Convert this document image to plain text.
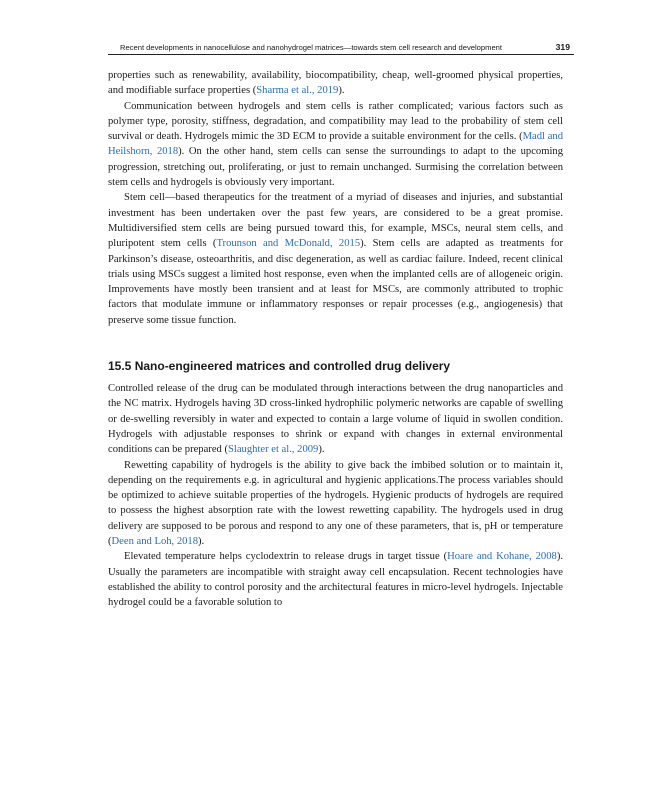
Recent developments in nanocellulose and nanohydrogel matrices—towards stem cell research and development	319

properties such as renewability, availability, biocompatibility, cheap, well-groomed physical properties, and modifiable surface properties (Sharma et al., 2019).

Communication between hydrogels and stem cells is rather complicated; various factors such as polymer type, porosity, stiffness, degradation, and compatibility may lead to the probability of stem cell survival or death. Hydrogels mimic the 3D ECM to provide a suitable environment for the cells. (Madl and Heilshorn, 2018). On the other hand, stem cells can sense the surroundings to adapt to the upcoming progression, stretching out, proliferating, or just to remain unchanged. Surmising the correlation between stem cells and hydrogels is obviously very important.

Stem cell—based therapeutics for the treatment of a myriad of diseases and injuries, and substantial investment has been undertaken over the past few years, are considered to be a great promise. Multidiversified stem cells are being pursued toward this, for example, MSCs, neural stem cells, and pluripotent stem cells (Trounson and McDonald, 2015). Stem cells are adapted as treatments for Parkinson’s disease, osteoarthritis, and disc degeneration, as well as cardiac failure. Indeed, recent clinical trials using MSCs suggest a limited host response, even when the implanted cells are of allogeneic origin. Improvements have mostly been transient and at least for MSCs, are commonly attributed to trophic factors that modulate immune or inflammatory responses or repair processes (e.g., angiogenesis) that preserve some tissue function.

15.5 Nano-engineered matrices and controlled drug delivery

Controlled release of the drug can be modulated through interactions between the drug nanoparticles and the NC matrix. Hydrogels having 3D cross-linked hydrophilic polymeric networks are capable of swelling or de-swelling reversibly in water and expected to contain a large volume of liquid in swollen condition. Hydrogels with adjustable responses to shrink or expand with changes in external environmental conditions can be prepared (Slaughter et al., 2009).

Rewetting capability of hydrogels is the ability to give back the imbibed solution or to maintain it, depending on the requirements e.g. in agricultural and hygienic applications.The process variables should be optimized to achieve suitable properties of the hydrogels. Hygienic products of hydrogels are required to possess the highest absorption rate with the lowest rewetting capability. The hydrogels used in drug delivery are supposed to be porous and respond to any one of these parameters, that is, pH or temperature (Deen and Loh, 2018).

Elevated temperature helps cyclodextrin to release drugs in target tissue (Hoare and Kohane, 2008). Usually the parameters are incompatible with straight away cell encapsulation. Recent technologies have established the ability to control porosity and the architectural features in micro-level hydrogels. Injectable hydrogel could be a favorable solution to
